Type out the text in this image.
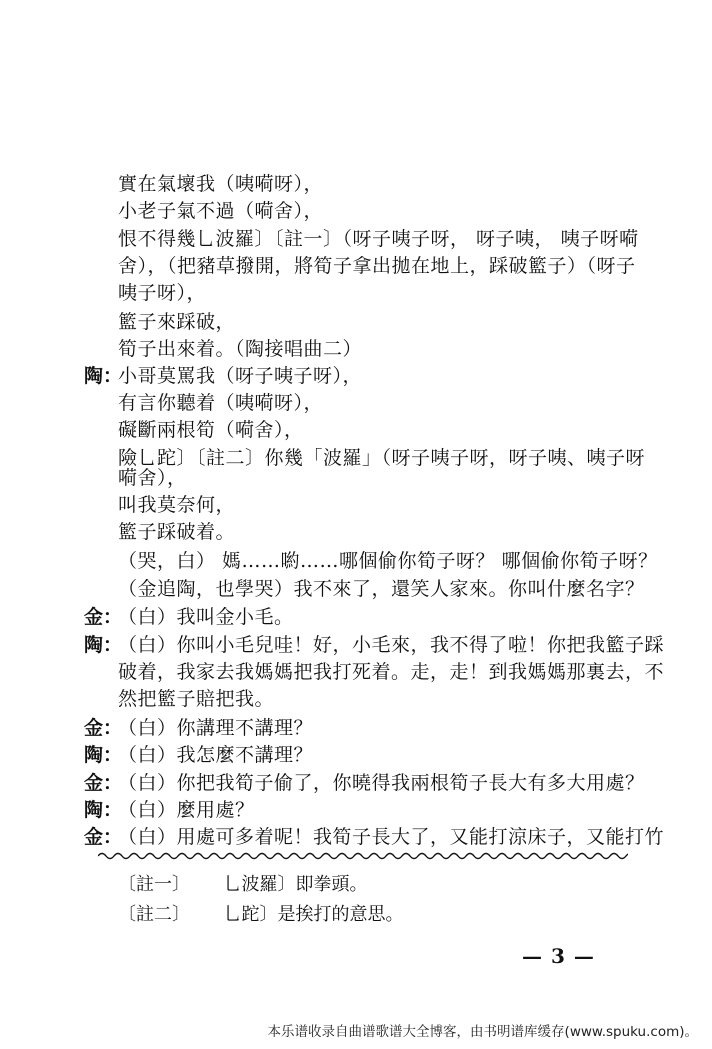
實在氣壞我（咦嗬呀），
小老子氣不過（嗬舍），
恨不得幾乚波羅〕〔註一〕（呀子咦子呀， 呀子咦， 咦子呀嗬
舍），（把豬草撥開，將筍子拿出拋在地上，踩破籃子）（呀子
咦子呀），
籃子來踩破，
筍子出來着。（陶接唱曲二）
陶：
小哥莫罵我（呀子咦子呀），
有言你聽着（咦嗬呀），
礙斷兩根筍（嗬舍），
險乚跎〕〔註二〕你幾「波羅」（呀子咦子呀，呀子咦、咦子呀
嗬舍），
叫我莫奈何，
籃子踩破着。
（哭，白） 媽……喲……哪個偷你筍子呀？ 哪個偷你筍子呀？
（金追陶，也學哭）我不來了，還笑人家來。你叫什麼名字？
金：
（白）我叫金小毛。
陶：
（白）你叫小毛兒哇！好，小毛來，我不得了啦！你把我籃子踩
破着，我家去我媽媽把我打死着。走，走！到我媽媽那裏去，不
然把籃子賠把我。
金：
（白）你講理不講理？
陶：
（白）我怎麼不講理？
金：
（白）你把我筍子偷了，你曉得我兩根筍子長大有多大用處？
陶：
（白）麼用處？
金：
（白）用處可多着呢！我筍子長大了，又能打涼床子，又能打竹
〔註一〕 乚波羅〕即拳頭。
〔註二〕 乚跎〕是挨打的意思。
— 3 —
本乐谱收录自曲谱歌谱大全博客，由书明谱库缓存(www.spuku.com)。
